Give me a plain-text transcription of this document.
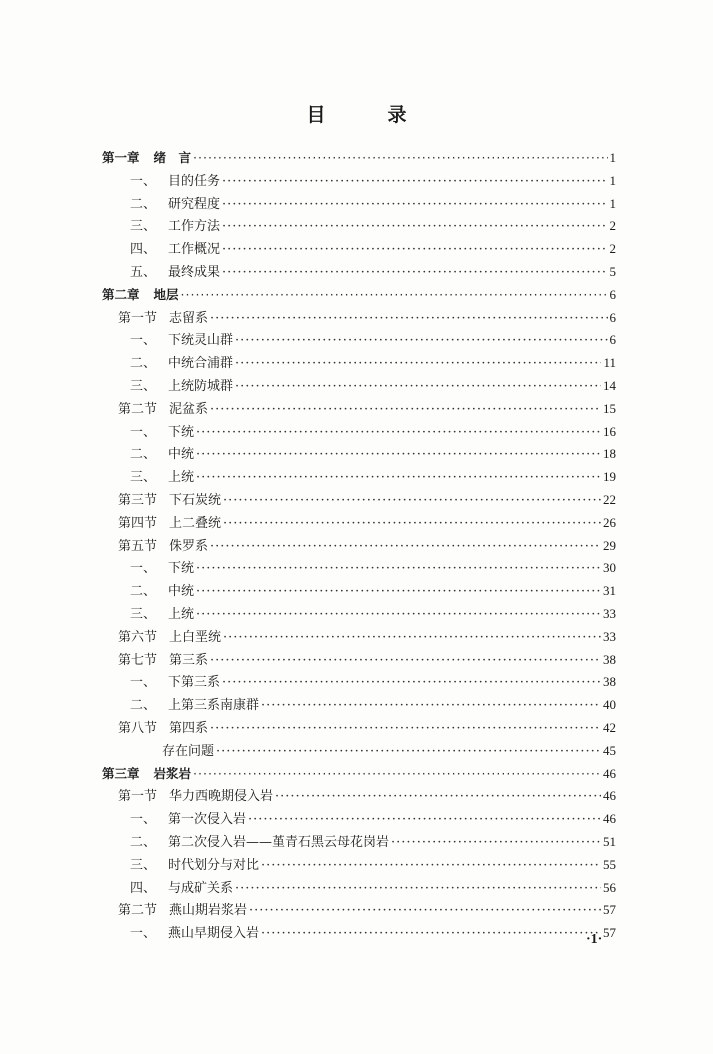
目	录
第一章 绪　言 ·····	1
一、 目的任务 ·····	1
二、 研究程度 ·····	1
三、 工作方法 ·····	2
四、 工作概况 ·····	2
五、 最终成果 ·····	5
第二章 地层 ·····	6
第一节 志留系 ·····	6
一、 下统灵山群 ·····	6
二、 中统合浦群 ·····	11
三、 上统防城群 ·····	14
第二节 泥盆系 ·····	15
一、 下统 ·····	16
二、 中统 ·····	18
三、 上统 ·····	19
第三节 下石炭统 ·····	22
第四节 上二叠统 ·····	26
第五节 侏罗系 ·····	29
一、 下统 ·····	30
二、 中统 ·····	31
三、 上统 ·····	33
第六节 上白垩统 ·····	33
第七节 第三系 ·····	38
一、 下第三系 ·····	38
二、 上第三系南康群 ·····	40
第八节 第四系 ·····	42
存在问题 ·····	45
第三章 岩浆岩 ·····	46
第一节 华力西晚期侵入岩 ·····	46
一、 第一次侵入岩 ·····	46
二、 第二次侵入岩——堇青石黑云母花岗岩 ·····	51
三、 时代划分与对比 ·····	55
四、 与成矿关系 ·····	56
第二节 燕山期岩浆岩 ·····	57
一、 燕山早期侵入岩 ·····	57
·1·
